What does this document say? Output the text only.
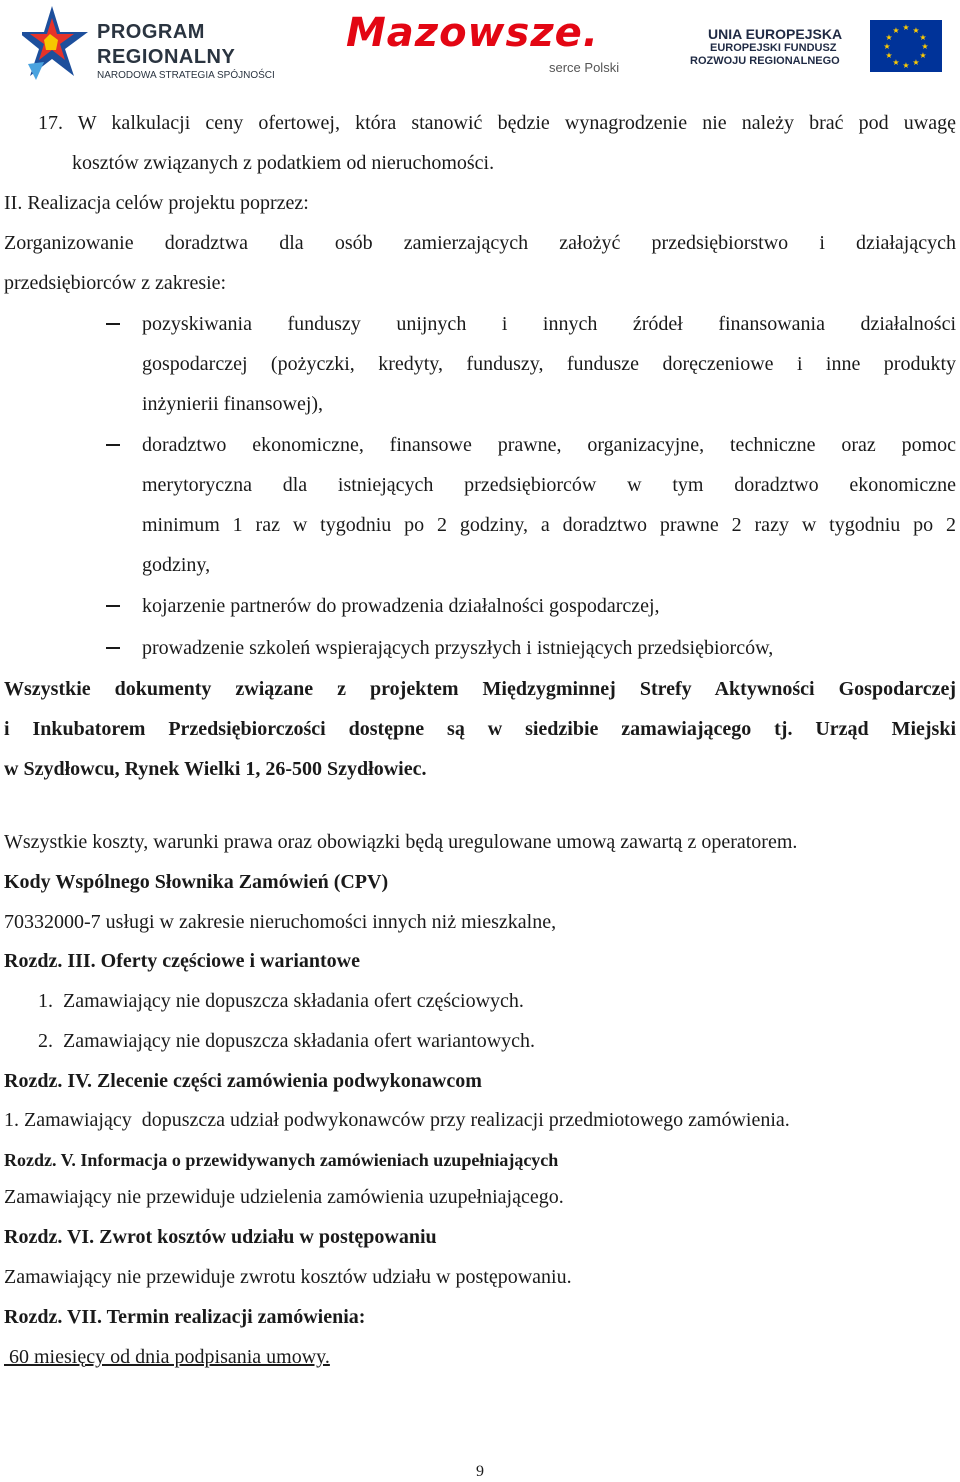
PROGRAM
REGIONALNY
NARODOWA STRATEGIA SPÓJNOŚCI
Mazowsze.
serce Polski
UNIA EUROPEJSKA
EUROPEJSKI FUNDUSZ
ROZWOJU REGIONALNEGO
★ ★
★
★
★
★
★
★
★
★
★
★
17. W kalkulacji ceny ofertowej, która stanowić będzie wynagrodzenie nie należy brać pod uwagę
kosztów związanych z podatkiem od nieruchomości.
II. Realizacja celów projektu poprzez:
Zorganizowanie doradztwa dla osób zamierzających założyć przedsiębiorstwo i działających
przedsiębiorców z zakresie:
pozyskiwania funduszy unijnych i innych źródeł finansowania działalności
gospodarczej (pożyczki, kredyty, funduszy, fundusze doręczeniowe i inne produkty
inżynierii finansowej),
doradztwo ekonomiczne, finansowe prawne, organizacyjne, techniczne oraz pomoc
merytoryczna dla istniejących przedsiębiorców w tym doradztwo ekonomiczne
minimum 1 raz w tygodniu po 2 godziny, a doradztwo prawne 2 razy w tygodniu po 2
godziny,
kojarzenie partnerów do prowadzenia działalności gospodarczej,
prowadzenie szkoleń wspierających przyszłych i istniejących przedsiębiorców,
Wszystkie dokumenty związane z projektem Międzygminnej Strefy Aktywności Gospodarczej
i Inkubatorem Przedsiębiorczości dostępne są w siedzibie zamawiającego tj. Urząd Miejski
w Szydłowcu, Rynek Wielki 1, 26-500 Szydłowiec.
Wszystkie koszty, warunki prawa oraz obowiązki będą uregulowane umową zawartą z operatorem.
Kody Wspólnego Słownika Zamówień (CPV)
70332000-7 usługi w zakresie nieruchomości innych niż mieszkalne,
Rozdz. III. Oferty częściowe i wariantowe
1.  Zamawiający nie dopuszcza składania ofert częściowych.
2.  Zamawiający nie dopuszcza składania ofert wariantowych.
Rozdz. IV. Zlecenie części zamówienia podwykonawcom
1. Zamawiający  dopuszcza udział podwykonawców przy realizacji przedmiotowego zamówienia.
Rozdz. V. Informacja o przewidywanych zamówieniach uzupełniających
Zamawiający nie przewiduje udzielenia zamówienia uzupełniającego.
Rozdz. VI. Zwrot kosztów udziału w postępowaniu
Zamawiający nie przewiduje zwrotu kosztów udziału w postępowaniu.
Rozdz. VII. Termin realizacji zamówienia:
60 miesięcy od dnia podpisania umowy.
9
